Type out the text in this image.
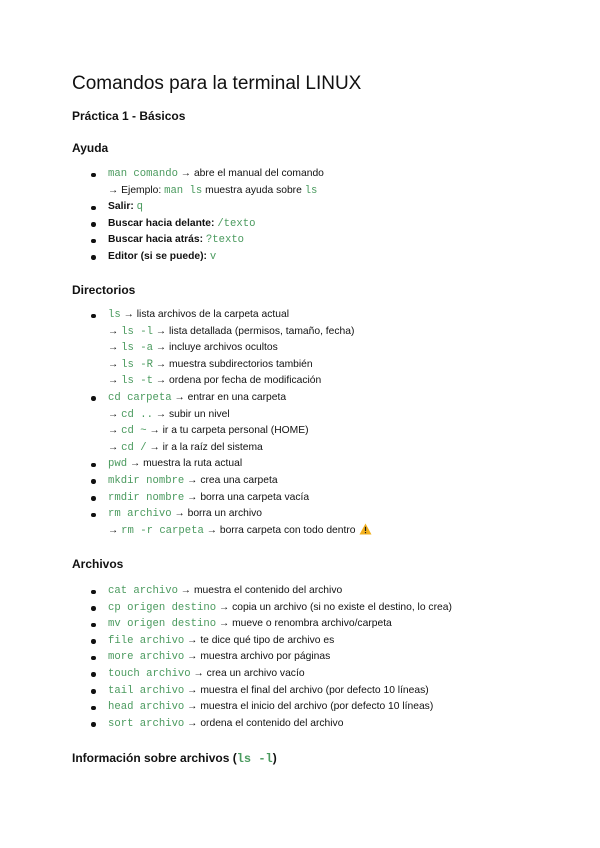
Comandos para la terminal LINUX
Práctica 1 - Básicos
Ayuda
man comando → abre el manual del comando
→ Ejemplo: man ls muestra ayuda sobre ls
Salir: q
Buscar hacia delante: /texto
Buscar hacia atrás: ?texto
Editor (si se puede): v
Directorios
ls → lista archivos de la carpeta actual
→ ls -l → lista detallada (permisos, tamaño, fecha)
→ ls -a → incluye archivos ocultos
→ ls -R → muestra subdirectorios también
→ ls -t → ordena por fecha de modificación
cd carpeta → entrar en una carpeta
→ cd .. → subir un nivel
→ cd ~ → ir a tu carpeta personal (HOME)
→ cd / → ir a la raíz del sistema
pwd → muestra la ruta actual
mkdir nombre → crea una carpeta
rmdir nombre → borra una carpeta vacía
rm archivo → borra un archivo
→ rm -r carpeta → borra carpeta con todo dentro
Archivos
cat archivo → muestra el contenido del archivo
cp origen destino → copia un archivo (si no existe el destino, lo crea)
mv origen destino → mueve o renombra archivo/carpeta
file archivo → te dice qué tipo de archivo es
more archivo → muestra archivo por páginas
touch archivo → crea un archivo vacío
tail archivo → muestra el final del archivo (por defecto 10 líneas)
head archivo → muestra el inicio del archivo (por defecto 10 líneas)
sort archivo → ordena el contenido del archivo
Información sobre archivos (ls -l)
